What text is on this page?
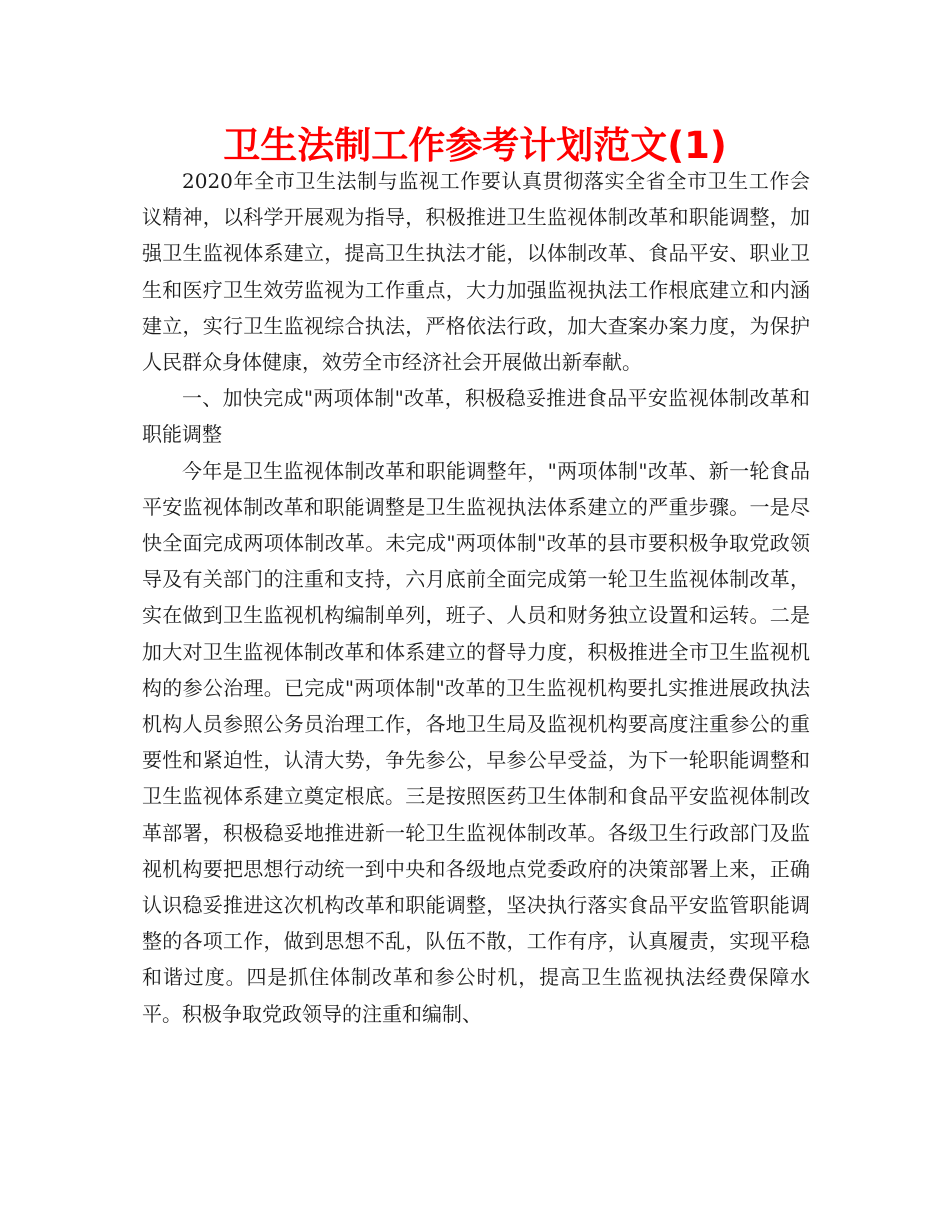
卫生法制工作参考计划范文(1)

2020年全市卫生法制与监视工作要认真贯彻落实全省全市卫生工作会议精神，以科学开展观为指导，积极推进卫生监视体制改革和职能调整，加强卫生监视体系建立，提高卫生执法才能，以体制改革、食品平安、职业卫生和医疗卫生效劳监视为工作重点，大力加强监视执法工作根底建立和内涵建立，实行卫生监视综合执法，严格依法行政，加大查案办案力度，为保护人民群众身体健康，效劳全市经济社会开展做出新奉献。

一、加快完成"两项体制"改革，积极稳妥推进食品平安监视体制改革和职能调整

今年是卫生监视体制改革和职能调整年，"两项体制"改革、新一轮食品平安监视体制改革和职能调整是卫生监视执法体系建立的严重步骤。一是尽快全面完成两项体制改革。未完成"两项体制"改革的县市要积极争取党政领导及有关部门的注重和支持，六月底前全面完成第一轮卫生监视体制改革，实在做到卫生监视机构编制单列，班子、人员和财务独立设置和运转。二是加大对卫生监视体制改革和体系建立的督导力度，积极推进全市卫生监视机构的参公治理。已完成"两项体制"改革的卫生监视机构要扎实推进展政执法机构人员参照公务员治理工作，各地卫生局及监视机构要高度注重参公的重要性和紧迫性，认清大势，争先参公，早参公早受益，为下一轮职能调整和卫生监视体系建立奠定根底。三是按照医药卫生体制和食品平安监视体制改革部署，积极稳妥地推进新一轮卫生监视体制改革。各级卫生行政部门及监视机构要把思想行动统一到中央和各级地点党委政府的决策部署上来，正确认识稳妥推进这次机构改革和职能调整，坚决执行落实食品平安监管职能调整的各项工作，做到思想不乱，队伍不散，工作有序，认真履责，实现平稳和谐过度。四是抓住体制改革和参公时机，提高卫生监视执法经费保障水平。积极争取党政领导的注重和编制、
